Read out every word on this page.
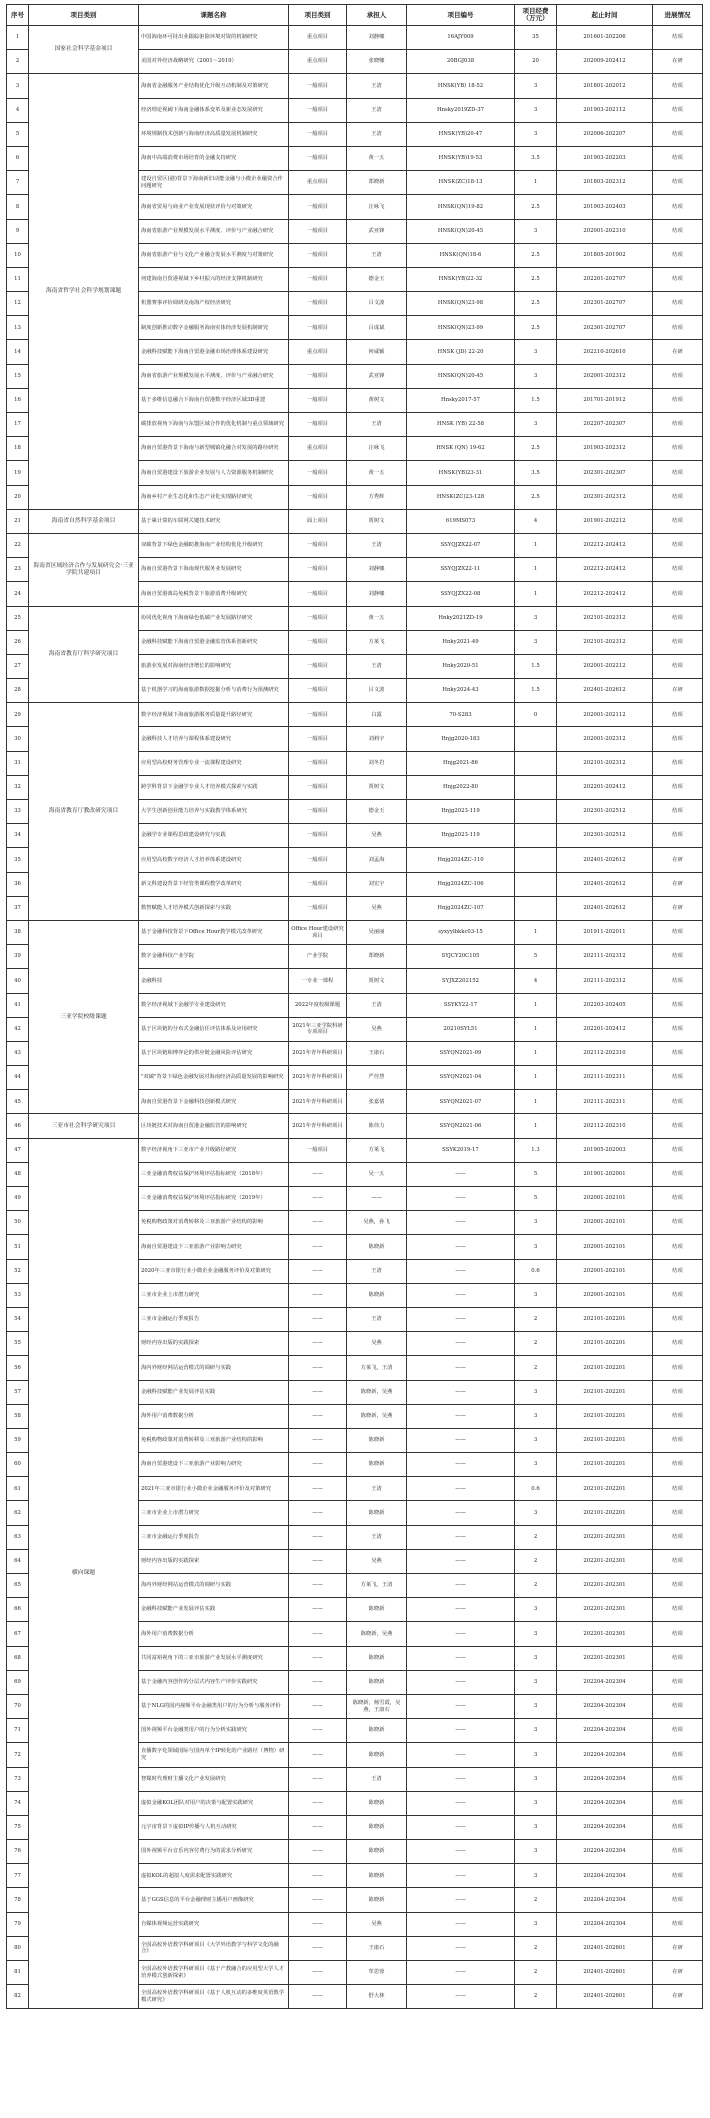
序号	项目类别	课题名称	项目类别	承担人	项目编号	项目经费（万元）	起止时间	进展情况
1	国家社会科学基金项目	中国海南环可持出业跟踪驱除环境对资的机制研究	重点项目	刘静娜	16AJY009	35	201601-202206	结项
2		美国对外经济战略研究（2001～2019）	重点项目	张晓娜	20BGJ038	20	202009-202412	在研
3	海南省哲学社会科学规划课题	海南省金融服务产业结构优化升级互动机制及对策研究	一般项目	王清	HNSK(YB) 18-52	3	201801-202012	结项
4		经济理论视阈下海南金融体系变革及新业态发展研究	一般项目	王清	Hnsky2019ZD-37	3	201903-202112	结项
5		环境规制技术创新与海南经济高质量发展机制研究	一般项目	王清	HNSK(YB)20-47	3	202006-202207	结项
6		海南中高端消费市场培育的金融支持研究	一般项目	黄一五	HNSK(YB)19-53	3.5	201903-202203	结项
7		建设自贸区(港)背景下海南新旧动能金融与小微企业融资合作问题研究	重点项目	郑晓新	HNSK(ZC)18-13	1	201803-202312	结项
8		海南省贸易与商业产业发展现状评价与对策研究	一般项目	汪咏飞	HNSK(QN)19-82	2.5	201903-202403	结项
9		海南省旅游产业规模发展水平测度、评价与产业融合研究	一般项目	武亚锋	HNSK(QN)20-45	3	202001-202310	结项
10		海南省旅游产业与文化产业融合发展水平测度与对策研究	一般项目	王清	HNSK(QN)18-6	2.5	201805-201902	结项
11		何建海南自贸港视域下乡村振兴的经济支撑机制研究	一般项目	德金玉	HNSK(YB)22-32	2.5	202201-202707	结项
12		机器赛事评价调研及南海产权经济研究	一般项目	吕文波	HNSK(QN)23-98	2.5	202301-202707	结项
13		制度创新推动数字金融服务海南实体经济发展机制研究	一般项目	吕成斌	HNSK(QN)23-99	2.5	202301-202707	结项
14		金融科技赋能下海南自贸港金融市场治理体系建设研究	重点项目	何咸颖	HNSK (JD) 22-20	3	202210-202610	在研
15		海南省旅游产业规模发展水平测度、评价与产业融合研究	一般项目	武亚锋	HNSK(QN)20-45	3	202001-202312	结项
16		基于多维信息融合下海南自贸港数字经济区域3D重建	一般项目	黄树文	Hnsky2017-57	1.5	201701-201912	结项
17		碳排放视角下海南与东盟区域合作的优化机制与重点领域研究	一般项目	王清	HNSK (YB) 22-58	3	202207-202307	结项
18		海南自贸港背景下海南与新型城镇化融合对发展的路径研究	重点项目	汪咏飞	HNSK (QN) 19-62	2.5	201903-202312	结项
19		海南自贸港建设下旅游企业发展与人力资源服务机制研究	一般项目	黄一五	HNSK(YB)23-31	3.5	202301-202307	结项
20		海南乡村产业生态化和生态产业化实现路径研究	一般项目	方秀辉	HNSK(ZC)23-128	2.5	202301-202312	结项
21	海南省自然科学基金项目	基于累计算的车联网关键技术研究	面上项目	贾树文	619MS073	4	201901-202212	结项
22	海南省区域经济合作与发展研究会·三亚学院共建项目	双碳背景下绿色金融助推海南产业结构优化升级研究	一般项目	王清	SSYQJZX22-07	1	202212-202412	结项
23		海南自贸港背景下海南现代服务业发展研究	一般项目	刘静娜	SSYQJZX22-11	1	202212-202412	结项
24		海南自贸港离岛免税背景下旅游消费升级研究	一般项目	刘静娜	SSYQJZX22-08	1	202212-202412	结项
25	海南省教育厅科学研究项目	协同优化视角下海南绿色低碳产业发展路径研究	一般项目	黄一五	Hnky2021ZD-19	3	202101-202312	结项
26		金融科技赋能下海南自贸港金融监管体系创新研究	一般项目	方莱飞	Hnky2021-49	3	202101-202312	结项
27		旅游业发展对海南经济增长的影响研究	一般项目	王清	Hnky2020-51	1.5	202001-202212	结项
28		基于机器学习的海南旅游数据挖掘分析与消费行为预测研究	一般项目	吕文波	Hnky2024-43	1.5	202401-202612	在研
29	海南省教育厅教改研究项目	数字经济视域下海南旅游服务质量提升路径研究	一般项目	白露	70-S283	0	202001-202112	结项
30		金融科技人才培养与课程体系建设研究	一般项目	刘莉宇	Hnjg2020-183		202001-202312	结项
31		应用型高校财务管理专业一流课程建设研究	一般项目	刘冬岩	Hnjg2021-86		202101-202312	结项
32		跨学科背景下金融学专业人才培养模式探索与实践	一般项目	贾树文	Hnjg2022-80		202201-202412	结项
33		大学生创新创业能力培养与实践教学体系研究	一般项目	德金玉	Hnjg2023-119		202301-202512	结项
34		金融学专业课程思政建设研究与实践	一般项目	吴燕	Hnjg2023-119		202301-202512	结项
35		应用型高校数字经济人才培养体系建设研究	一般项目	刘孟海	Hnjg2024ZC-110		202401-202612	在研
36		新文科建设背景下经管类课程教学改革研究	一般项目	刘宏宇	Hnjg2024ZC-106		202401-202612	在研
37		数智赋能人才培养模式创新探索与实践	一般项目	吴燕	Hnjg2024ZC-107		202401-202612	在研
38	三亚学院校级课题	基于金融科技背景下Office Hour教学模式改革研究	Office Hour建设研究项目	吴丽丽	syxyylbkkc03-15	1	201911-202011	结项
39		数字金融科技产业学院	产业学院	郑晓新	SYJCY20C105	5	202111-202312	结项
40		金融科技	一专业一课程	贾树文	SYJXZ202152	4	202111-202312	结项
41		数字经济视域下金融学专业建设研究	2022年度校级课题	王清	SSYKY22-17	1	202203-202405	结项
42		基于区块链的分布式金融信任评估体系及应用研究	2021年三亚学院科研专项项目	吴燕	20210SYL51	1	202201-202412	结项
43		基于区块链和博弈论的供应链金融风险评估研究	2021年青年科研项目	王康石	SSYQN2021-09	1	202112-202310	结项
44		"双碳"背景下绿色金融发展对海南经济高质量发展的影响研究	2021年青年科研项目	严佳慧	SSYQN2021-04	1	202111-202311	结项
45		海南自贸港背景下金融科技创新模式研究	2021年青年科研项目	张嘉倩	SSYQN2021-07	1	202111-202311	结项
46	三亚市社会科学研究项目	区块链技术对海南自贸港金融监管的影响研究	2021年青年科研项目	陈伟力	SSYQN2021-06	1	202112-202310	结项
47	横向课题	数字经济视角下三亚市产业升级路径研究	一般项目	方莱飞	SSYK2019-17	1.3	201905-202003	结项
48		三亚金融消费权益保护环境评估指标研究（2018年）	——	吴一五	——	5	201901-202001	结项
49		三亚金融消费权益保护环境评估指标研究（2019年）	——	——	——	5	202001-202101	结项
50		免税购物政策对消费转移及三亚旅游产业结构的影响	——	吴燕，孙飞	——	3	202001-202101	结项
51		海南自贸港建设下三亚旅游产业影响力研究	——	陈晓新	——	3	202001-202101	结项
52		2020年三亚市银行业小微企业金融服务评价及对策研究	——	王清	——	0.6	202001-202101	结项
53		三亚市企业上市潜力研究	——	陈晓新	——	3	202001-202101	结项
54		三亚市金融运行季度报告	——	王清	——	2	202101-202201	结项
55		财经内容出版的实践探索	——	吴燕	——	2	202101-202201	结项
56		海内外财经网站运营模式的调研与实践	——	方莱飞，王清	——	2	202101-202201	结项
57		金融科技赋能产业发展评估实践	——	陈晓新，吴燕	——	3	202101-202201	结项
58		海外用户消费数据分析	——	陈晓新，吴燕	——	3	202101-202201	结项
59		免税购物政策对消费转移及三亚旅游产业结构的影响	——	陈晓新	——	3	202101-202201	结项
60		海南自贸港建设下三亚旅游产业影响力研究	——	陈晓新	——	3	202101-202201	结项
61		2021年三亚市银行业小微企业金融服务评价及对策研究	——	王清	——	0.6	202101-202201	结项
62		三亚市企业上市潜力研究	——	陈晓新	——	3	202101-202201	结项
63		三亚市金融运行季度报告	——	王清	——	2	202201-202301	结项
64		财经内容出版的实践探索	——	吴燕	——	2	202201-202301	结项
65		海内外财经网站运营模式的调研与实践	——	方莱飞，王清	——	2	202201-202301	结项
66		金融科技赋能产业发展评估实践	——	陈晓新	——	3	202201-202301	结项
67		海外用户消费数据分析	——	陈晓新，吴燕	——	3	202201-202301	结项
68		共同富裕视角下的三亚市旅游产业发展水平测度研究	——	陈晓新	——	3	202201-202301	结项
69		基于金融内容创作的分层式内容生产评价实践研究	——	陈晓新	——	3	202204-202304	结项
70		基于NLG的国内视频平台金融类用户的行为分析与服务评价	——	陈晓新，杨雪霞，吴燕，王康石	——	3	202204-202304	结项
71		国外视频平台金融类用户的行为分析实践研究	——	陈晓新	——	3	202204-202304	结项
72		直播数字化领域国际与国内单个IP转化的产业路径（博物）研究	——	陈晓新	——	3	202204-202304	结项
73		智媒时代理财主播文化产业发展研究	——	王清	——	3	202204-202304	结项
74		虚拟金融KOL团队对用户的决策与配置实践研究	——	陈晓新	——	3	202204-202304	结项
75		元宇宙背景下虚拟IP传播与人机互动研究	——	陈晓新	——	3	202204-202304	结项
76		国外视频平台音乐内容付费行为的需求分析研究	——	陈晓新	——	3	202204-202304	结项
77		虚拟KOL的超拟人度需求配置实践研究	——	陈晓新	——	3	202204-202304	结项
78		基于GGS信息的平台金融理财主播用户画像研究	——	陈晓新	——	2	202204-202304	结项
79		自媒体视频运营实践研究	——	吴燕	——	3	202204-202304	结项
80		全国高校外语教学科研项目《大学外语教学与科学文化的融合》	——	王康石	——	2	202401-202601	在研
81		全国高校外语教学科研项目《基于产教融合的应用型大学人才培养模式创新探索》	——	牟思蓉	——	2	202401-202601	在研
82		全国高校外语教学科研项目《基于人机互动的多维度英语教学模式研究》	——	舒大林	——	2	202401-202601	在研
